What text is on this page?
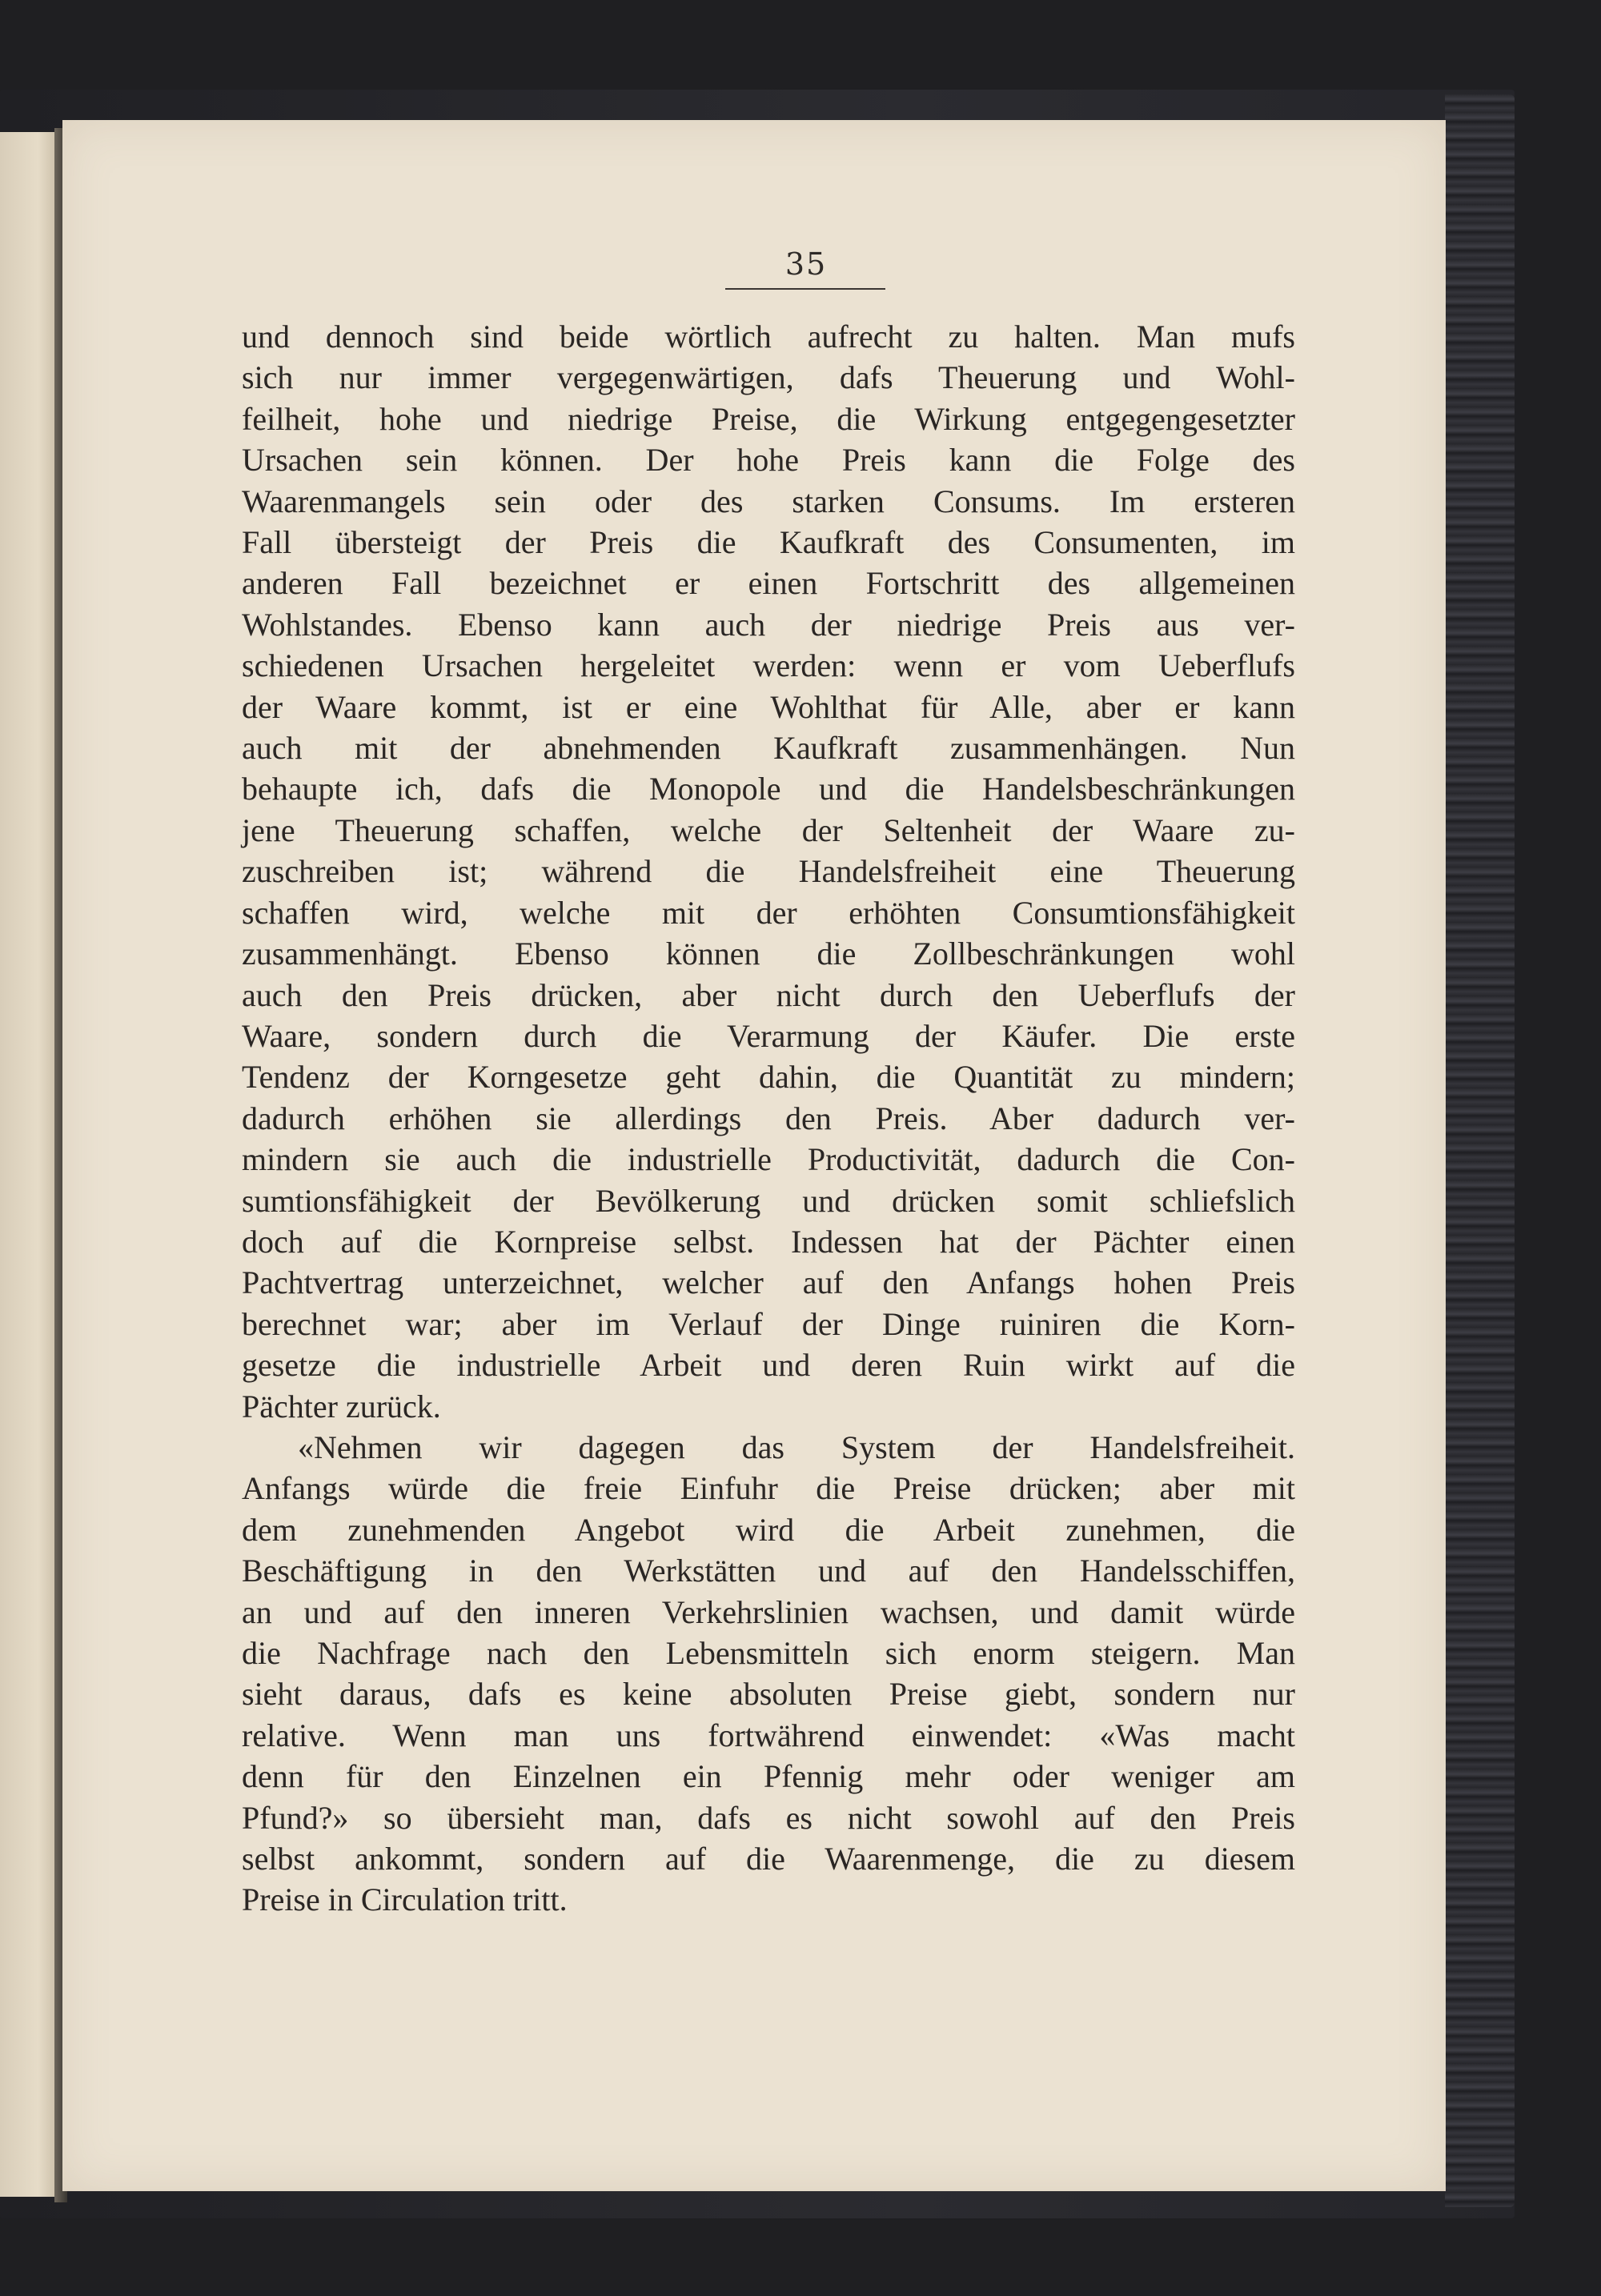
35
und dennoch sind beide wörtlich aufrecht zu halten. Man mufs
sich nur immer vergegenwärtigen, dafs Theuerung und Wohl-
feilheit, hohe und niedrige Preise, die Wirkung entgegengesetzter
Ursachen sein können. Der hohe Preis kann die Folge des
Waarenmangels sein oder des starken Consums. Im ersteren
Fall übersteigt der Preis die Kaufkraft des Consumenten, im
anderen Fall bezeichnet er einen Fortschritt des allgemeinen
Wohlstandes. Ebenso kann auch der niedrige Preis aus ver-
schiedenen Ursachen hergeleitet werden: wenn er vom Ueberflufs
der Waare kommt, ist er eine Wohlthat für Alle, aber er kann
auch mit der abnehmenden Kaufkraft zusammenhängen. Nun
behaupte ich, dafs die Monopole und die Handelsbeschränkungen
jene Theuerung schaffen, welche der Seltenheit der Waare zu-
zuschreiben ist; während die Handelsfreiheit eine Theuerung
schaffen wird, welche mit der erhöhten Consumtionsfähigkeit
zusammenhängt. Ebenso können die Zollbeschränkungen wohl
auch den Preis drücken, aber nicht durch den Ueberflufs der
Waare, sondern durch die Verarmung der Käufer. Die erste
Tendenz der Korngesetze geht dahin, die Quantität zu mindern;
dadurch erhöhen sie allerdings den Preis. Aber dadurch ver-
mindern sie auch die industrielle Productivität, dadurch die Con-
sumtionsfähigkeit der Bevölkerung und drücken somit schliefslich
doch auf die Kornpreise selbst. Indessen hat der Pächter einen
Pachtvertrag unterzeichnet, welcher auf den Anfangs hohen Preis
berechnet war; aber im Verlauf der Dinge ruiniren die Korn-
gesetze die industrielle Arbeit und deren Ruin wirkt auf die
Pächter zurück.
«Nehmen wir dagegen das System der Handelsfreiheit.
Anfangs würde die freie Einfuhr die Preise drücken; aber mit
dem zunehmenden Angebot wird die Arbeit zunehmen, die
Beschäftigung in den Werkstätten und auf den Handelsschiffen,
an und auf den inneren Verkehrslinien wachsen, und damit würde
die Nachfrage nach den Lebensmitteln sich enorm steigern. Man
sieht daraus, dafs es keine absoluten Preise giebt, sondern nur
relative. Wenn man uns fortwährend einwendet: «Was macht
denn für den Einzelnen ein Pfennig mehr oder weniger am
Pfund?» so übersieht man, dafs es nicht sowohl auf den Preis
selbst ankommt, sondern auf die Waarenmenge, die zu diesem
Preise in Circulation tritt.
